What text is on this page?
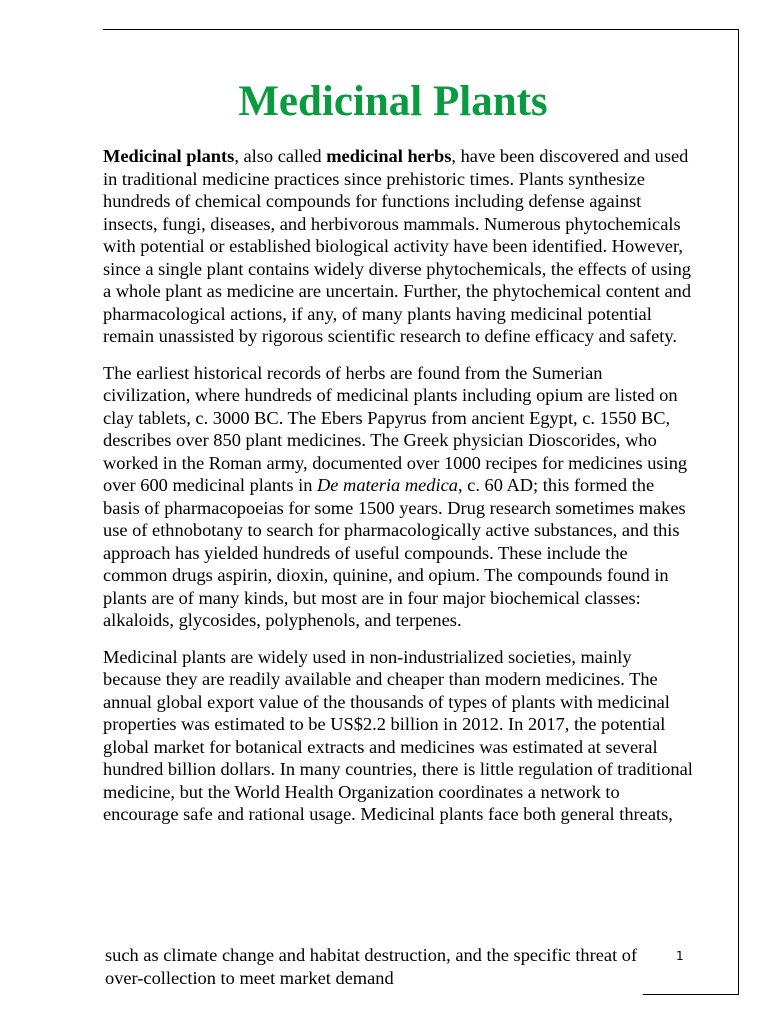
Medicinal Plants

Medicinal plants, also called medicinal herbs, have been discovered and used in traditional medicine practices since prehistoric times. Plants synthesize hundreds of chemical compounds for functions including defense against insects, fungi, diseases, and herbivorous mammals. Numerous phytochemicals with potential or established biological activity have been identified. However, since a single plant contains widely diverse phytochemicals, the effects of using a whole plant as medicine are uncertain. Further, the phytochemical content and pharmacological actions, if any, of many plants having medicinal potential remain unassisted by rigorous scientific research to define efficacy and safety.

The earliest historical records of herbs are found from the Sumerian civilization, where hundreds of medicinal plants including opium are listed on clay tablets, c. 3000 BC. The Ebers Papyrus from ancient Egypt, c. 1550 BC, describes over 850 plant medicines. The Greek physician Dioscorides, who worked in the Roman army, documented over 1000 recipes for medicines using over 600 medicinal plants in De materia medica, c. 60 AD; this formed the basis of pharmacopoeias for some 1500 years. Drug research sometimes makes use of ethnobotany to search for pharmacologically active substances, and this approach has yielded hundreds of useful compounds. These include the common drugs aspirin, dioxin, quinine, and opium. The compounds found in plants are of many kinds, but most are in four major biochemical classes: alkaloids, glycosides, polyphenols, and terpenes.

Medicinal plants are widely used in non-industrialized societies, mainly because they are readily available and cheaper than modern medicines. The annual global export value of the thousands of types of plants with medicinal properties was estimated to be US$2.2 billion in 2012. In 2017, the potential global market for botanical extracts and medicines was estimated at several hundred billion dollars. In many countries, there is little regulation of traditional medicine, but the World Health Organization coordinates a network to encourage safe and rational usage. Medicinal plants face both general threats,

such as climate change and habitat destruction, and the specific threat of over-collection to meet market demand
1
